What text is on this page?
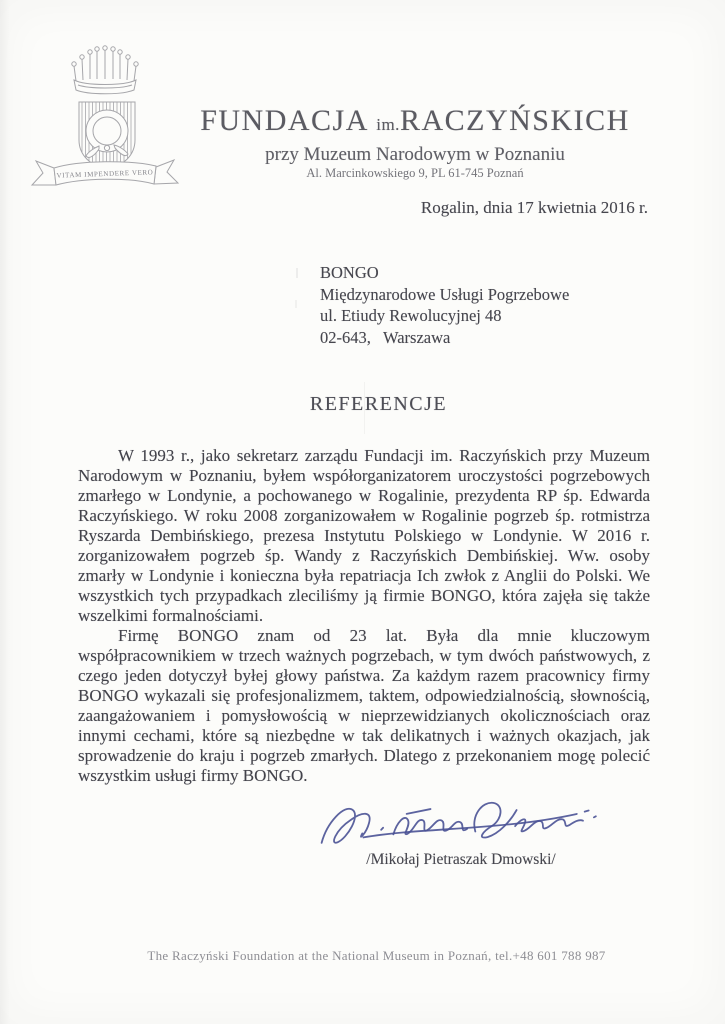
VITAM IMPENDERE VERO
FUNDACJA im.RACZYŃSKICH
przy Muzeum Narodowym w Poznaniu
Al. Marcinkowskiego 9, PL 61-745 Poznań
Rogalin, dnia 17 kwietnia 2016 r.
BONGO
Międzynarodowe Usługi Pogrzebowe
ul. Etiudy Rewolucyjnej 48
02-643,   Warszawa
REFERENCJE

W 1993 r., jako sekretarz zarządu Fundacji im. Raczyńskich przy Muzeum Narodowym w Poznaniu, byłem współorganizatorem uroczystości pogrzebowych zmarłego w Londynie, a pochowanego w Rogalinie, prezydenta RP śp. Edwarda Raczyńskiego. W roku 2008 zorganizowałem w Rogalinie pogrzeb śp. rotmistrza Ryszarda Dembińskiego, prezesa Instytutu Polskiego w Londynie. W 2016 r. zorganizowałem pogrzeb śp. Wandy z Raczyńskich Dembińskiej. Ww. osoby zmarły w Londynie i konieczna była repatriacja Ich zwłok z Anglii do Polski. We wszystkich tych przypadkach zleciliśmy ją firmie BONGO, która zajęła się także wszelkimi formalnościami.

Firmę BONGO znam od 23 lat. Była dla mnie kluczowym współpracownikiem w trzech ważnych pogrzebach, w tym dwóch państwowych, z czego jeden dotyczył byłej głowy państwa. Za każdym razem pracownicy firmy BONGO wykazali się profesjonalizmem, taktem, odpowiedzialnością, słownością, zaangażowaniem i pomysłowością w nieprzewidzianych okolicznościach oraz innymi cechami, które są niezbędne w tak delikatnych i ważnych okazjach, jak sprowadzenie do kraju i pogrzeb zmarłych. Dlatego z przekonaniem mogę polecić wszystkim usługi firmy BONGO.

/Mikołaj Pietraszak Dmowski/
The Raczyński Foundation at the National Museum in Poznań, tel.+48 601 788 987
